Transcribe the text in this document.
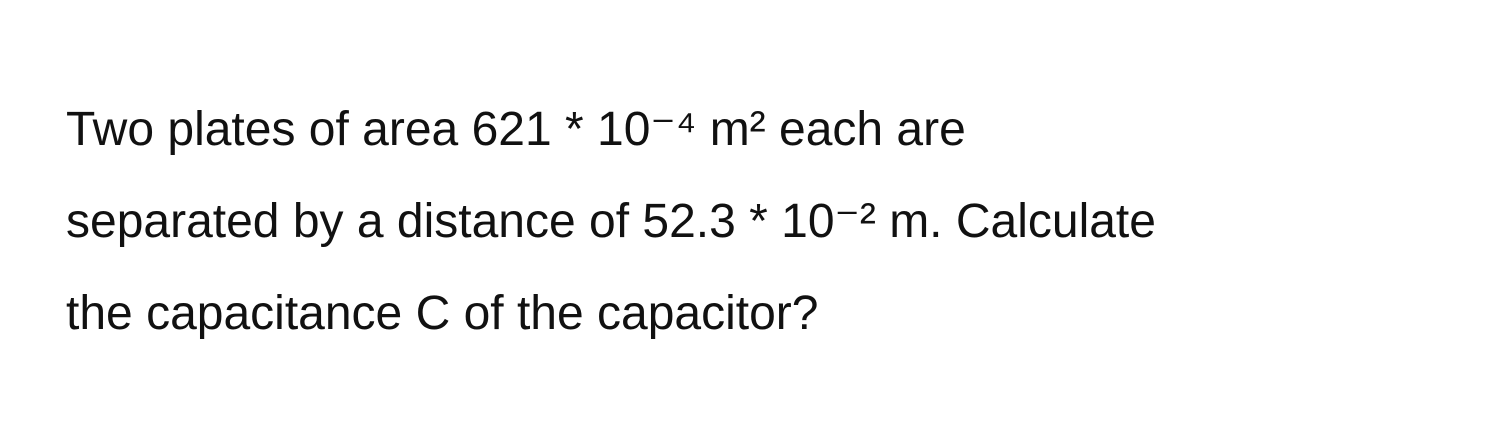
Two plates of area 621 * 10⁻⁴ m² each are
separated by a distance of 52.3 * 10⁻² m. Calculate
the capacitance C of the capacitor?
